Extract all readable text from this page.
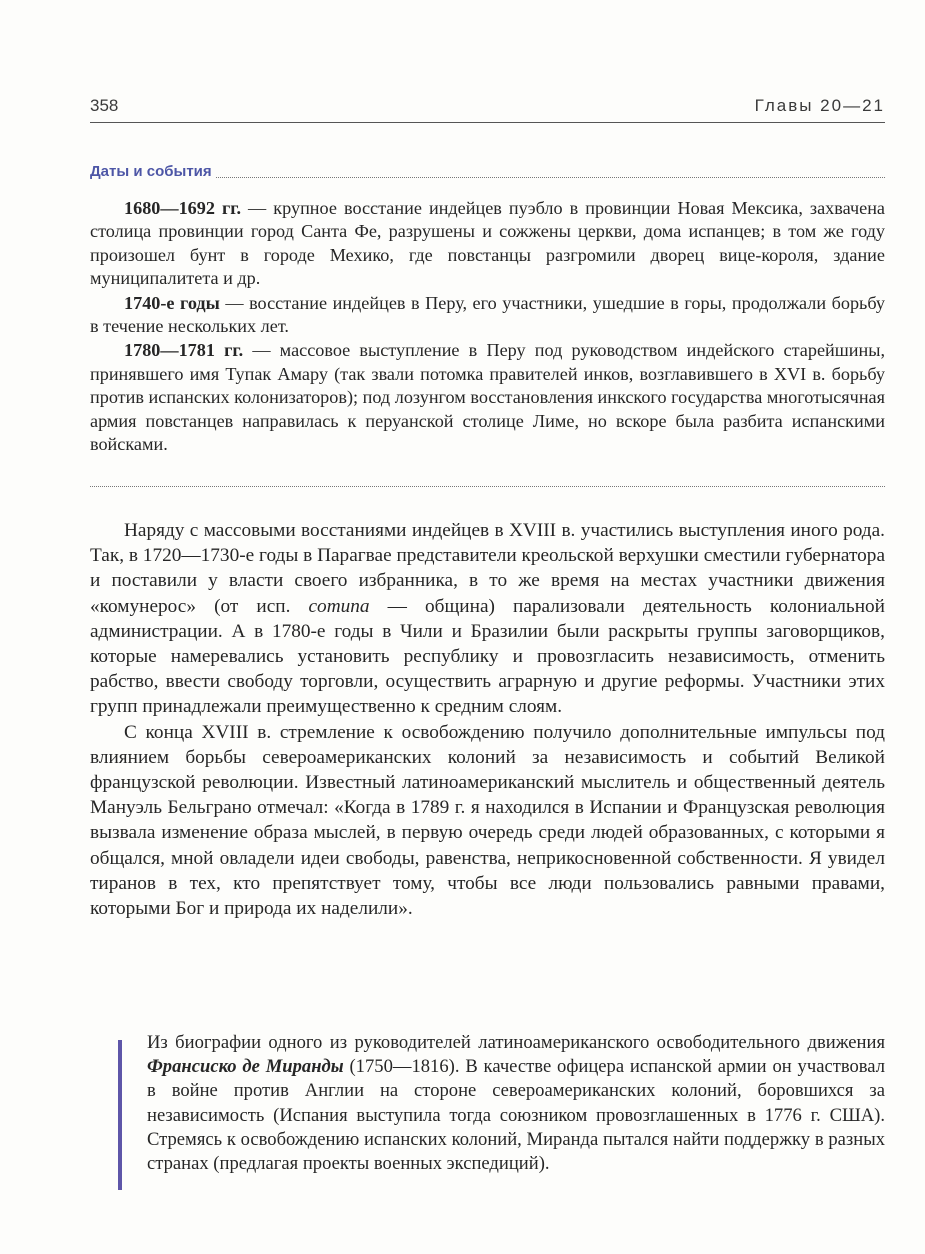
358	Главы 20—21
Даты и события

1680—1692 гг. — крупное восстание индейцев пуэбло в провинции Новая Мексика, захвачена столица провинции город Санта Фе, разрушены и сожжены церкви, дома испанцев; в том же году произошел бунт в городе Мехико, где повстанцы разгромили дворец вице-короля, здание муниципалитета и др.

1740-е годы — восстание индейцев в Перу, его участники, ушедшие в горы, продолжали борьбу в течение нескольких лет.

1780—1781 гг. — массовое выступление в Перу под руководством индейского старейшины, принявшего имя Тупак Амару (так звали потомка правителей инков, возглавившего в XVI в. борьбу против испанских колонизаторов); под лозунгом восстановления инкского государства многотысячная армия повстанцев направилась к перуанской столице Лиме, но вскоре была разбита испанскими войсками.

Наряду с массовыми восстаниями индейцев в XVIII в. участились выступления иного рода. Так, в 1720—1730-е годы в Парагвае представители креольской верхушки сместили губернатора и поставили у власти своего избранника, в то же время на местах участники движения «комунерос» (от исп. comuna — община) парализовали деятельность колониальной администрации. А в 1780-е годы в Чили и Бразилии были раскрыты группы заговорщиков, которые намеревались установить республику и провозгласить независимость, отменить рабство, ввести свободу торговли, осуществить аграрную и другие реформы. Участники этих групп принадлежали преимущественно к средним слоям.

С конца XVIII в. стремление к освобождению получило дополнительные импульсы под влиянием борьбы североамериканских колоний за независимость и событий Великой французской революции. Известный латиноамериканский мыслитель и общественный деятель Мануэль Бельграно отмечал: «Когда в 1789 г. я находился в Испании и Французская революция вызвала изменение образа мыслей, в первую очередь среди людей образованных, с которыми я общался, мной овладели идеи свободы, равенства, неприкосновенной собственности. Я увидел тиранов в тех, кто препятствует тому, чтобы все люди пользовались равными правами, которыми Бог и природа их наделили».

Из биографии одного из руководителей латиноамериканского освободительного движения Франсиско де Миранды (1750—1816). В качестве офицера испанской армии он участвовал в войне против Англии на стороне североамериканских колоний, боровшихся за независимость (Испания выступила тогда союзником провозглашенных в 1776 г. США). Стремясь к освобождению испанских колоний, Миранда пытался найти поддержку в разных странах (предлагая проекты военных экспедиций).
